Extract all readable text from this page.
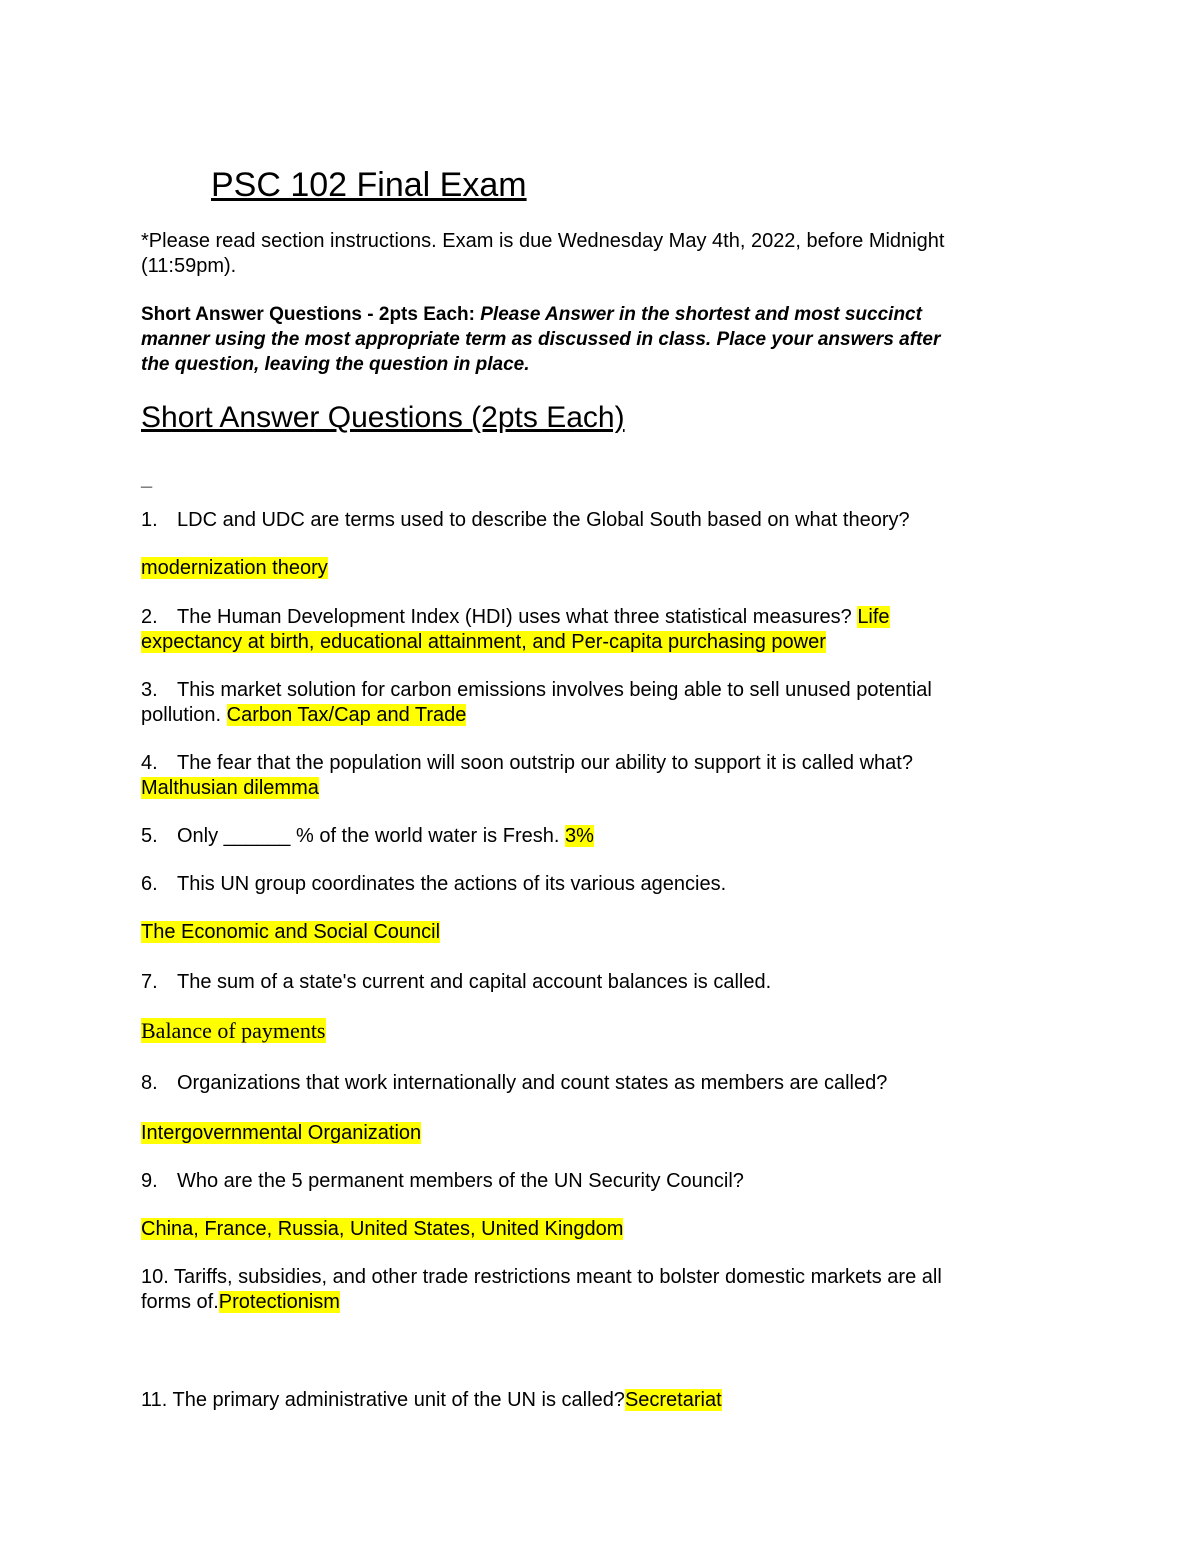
PSC 102 Final Exam
*Please read section instructions. Exam is due Wednesday May 4th, 2022, before Midnight
(11:59pm).
Short Answer Questions - 2pts Each: Please Answer in the shortest and most succinct
manner using the most appropriate term as discussed in class. Place your answers after
the question, leaving the question in place.
Short Answer Questions (2pts Each)
_
1. LDC and UDC are terms used to describe the Global South based on what theory?
modernization theory
2. The Human Development Index (HDI) uses what three statistical measures? Life
expectancy at birth, educational attainment, and Per-capita purchasing power
3. This market solution for carbon emissions involves being able to sell unused potential
pollution. Carbon Tax/Cap and Trade
4. The fear that the population will soon outstrip our ability to support it is called what?
Malthusian dilemma
5. Only ______ % of the world water is Fresh. 3%
6. This UN group coordinates the actions of its various agencies.
The Economic and Social Council
7. The sum of a state's current and capital account balances is called.
Balance of payments
8. Organizations that work internationally and count states as members are called?
Intergovernmental Organization
9. Who are the 5 permanent members of the UN Security Council?
China, France, Russia, United States, United Kingdom
10. Tariffs, subsidies, and other trade restrictions meant to bolster domestic markets are all
forms of.Protectionism
11. The primary administrative unit of the UN is called?Secretariat
